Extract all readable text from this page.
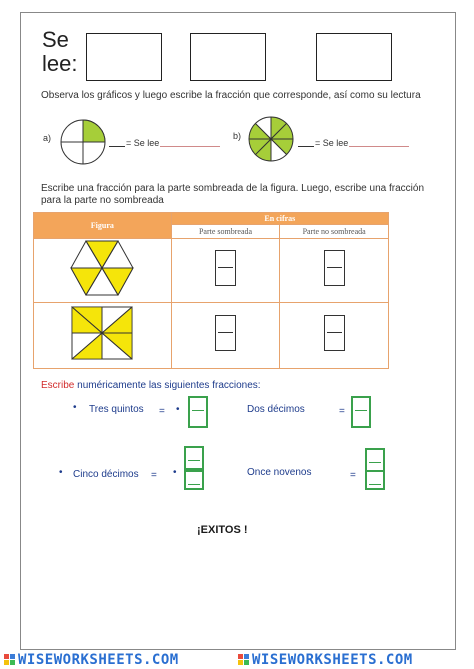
Se
lee:
Observa los gráficos y luego escribe la fracción que corresponde, así como su lectura
a)	= Se lee
b)
= Se lee
Escribe una fracción para la parte sombreada de la figura. Luego, escribe una fracción para la parte no sombreada
Figura	En cifras	
	Parte sombreada	Parte no sombreada

Escribe numéricamente las siguientes fracciones:
• Tres quintos = •	Dos décimos	=
• Cinco décimos = •	Once novenos	=
¡EXITOS !
WISEWORKSHEETS.COM	WISEWORKSHEETS.COM
